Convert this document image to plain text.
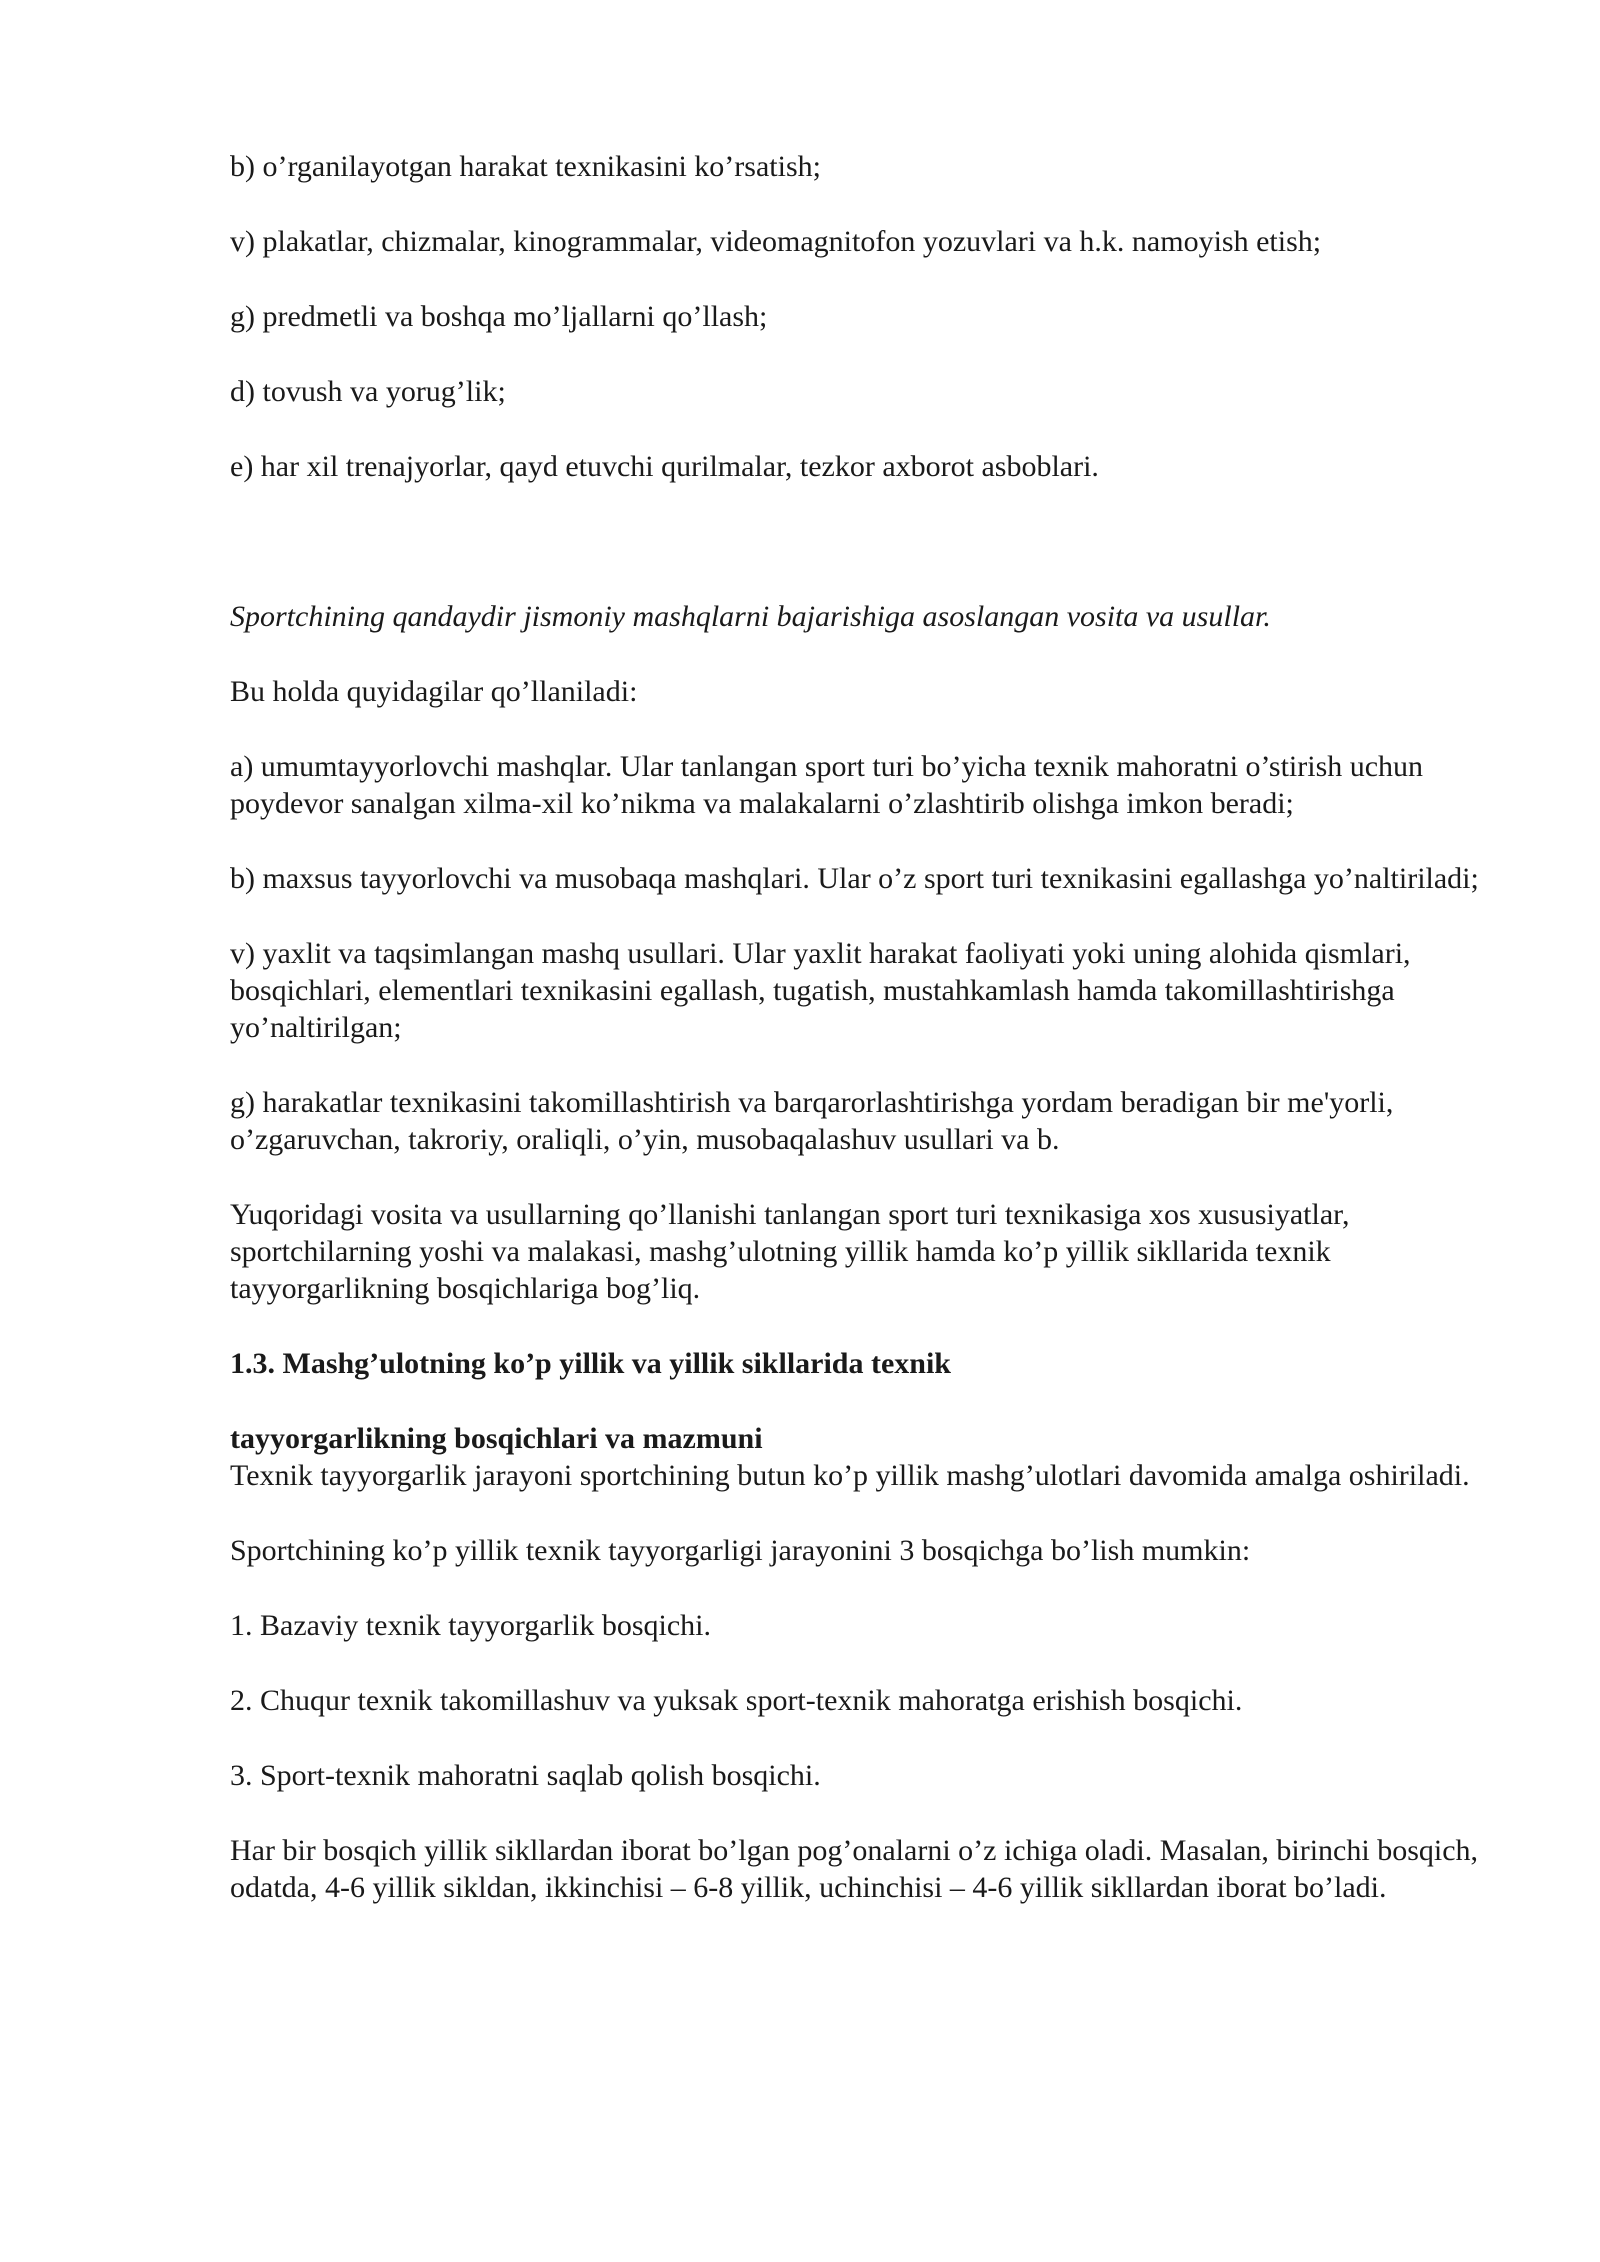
b) o’rganilayotgan harakat texnikasini ko’rsatish;

v) plakatlar, chizmalar, kinogrammalar, videomagnitofon yozuvlari va h.k. namoyish etish;

g) predmetli va boshqa mo’ljallarni qo’llash;

d) tovush va yorug’lik;

e) har xil trenajyorlar, qayd etuvchi qurilmalar, tezkor axborot asboblari.

Sportchining qandaydir jismoniy mashqlarni bajarishiga asoslangan vosita va usullar.

Bu holda quyidagilar qo’llaniladi:

a) umumtayyorlovchi mashqlar. Ular tanlangan sport turi bo’yicha texnik mahoratni o’stirish uchun poydevor sanalgan xilma-xil ko’nikma va malakalarni o’zlashtirib olishga imkon beradi;

b) maxsus tayyorlovchi va musobaqa mashqlari. Ular o’z sport turi texnikasini egallashga yo’naltiriladi;

v) yaxlit va taqsimlangan mashq usullari. Ular yaxlit harakat faoliyati yoki uning alohida qismlari, bosqichlari, elementlari texnikasini egallash, tugatish, mustahkamlash hamda takomillashtirishga yo’naltirilgan;

g) harakatlar texnikasini takomillashtirish va barqarorlashtirishga yordam beradigan bir me'yorli, o’zgaruvchan, takroriy, oraliqli, o’yin, musobaqalashuv usullari va b.

Yuqoridagi vosita va usullarning qo’llanishi tanlangan sport turi texnikasiga xos xususiyatlar, sportchilarning yoshi va malakasi, mashg’ulotning yillik hamda ko’p yillik sikllarida texnik tayyorgarlikning bosqichlariga bog’liq.

1.3. Mashg’ulotning ko’p yillik va yillik sikllarida texnik

tayyorgarlikning bosqichlari va mazmuni

Texnik tayyorgarlik jarayoni sportchining butun ko’p yillik mashg’ulotlari davomida amalga oshiriladi.

Sportchining ko’p yillik texnik tayyorgarligi jarayonini 3 bosqichga bo’lish mumkin:

1. Bazaviy texnik tayyorgarlik bosqichi.

2. Chuqur texnik takomillashuv va yuksak sport-texnik mahoratga erishish bosqichi.

3. Sport-texnik mahoratni saqlab qolish bosqichi.

Har bir bosqich yillik sikllardan iborat bo’lgan pog’onalarni o’z ichiga oladi. Masalan, birinchi bosqich, odatda, 4-6 yillik sikldan, ikkinchisi – 6-8 yillik, uchinchisi – 4-6 yillik sikllardan iborat bo’ladi.
